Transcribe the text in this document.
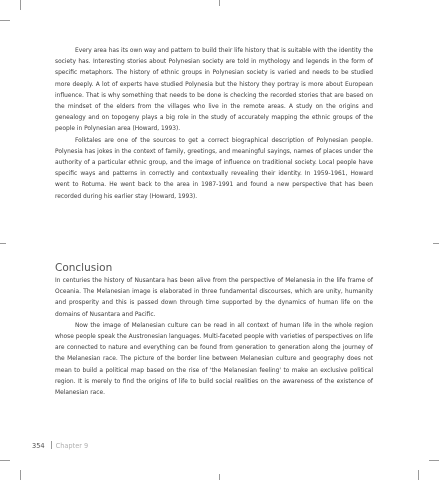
Every area has its own way and pattern to build their life history that is suitable with the identity the society has. Interesting stories about Polynesian society are told in mythology and legends in the form of specific metaphors. The history of ethnic groups in Polynesian society is varied and needs to be studied more deeply. A lot of experts have studied Polynesia but the history they portray is more about European influence. That is why something that needs to be done is checking the recorded stories that are based on the mindset of the elders from the villages who live in the remote areas. A study on the origins and genealogy and on topogeny plays a big role in the study of accurately mapping the ethnic groups of the people in Polynesian area (Howard, 1993).

Folktales are one of the sources to get a correct biographical description of Polynesian people. Polynesia has jokes in the context of family, greetings, and meaningful sayings, names of places under the authority of a particular ethnic group, and the image of influence on traditional society. Local people have specific ways and patterns in correctly and contextually revealing their identity. In 1959-1961, Howard went to Rotuma. He went back to the area in 1987-1991 and found a new perspective that has been recorded during his earlier stay (Howard, 1993).

Conclusion

In centuries the history of Nusantara has been alive from the perspective of Melanesia in the life frame of Oceania. The Melanesian image is elaborated in three fundamental discourses, which are unity, humanity and prosperity and this is passed down through time supported by the dynamics of human life on the domains of Nusantara and Pacific.

Now the image of Melanesian culture can be read in all context of human life in the whole region whose people speak the Austronesian languages. Multi-faceted people with varieties of perspectives on life are connected to nature and everything can be found from generation to generation along the journey of the Melanesian race. The picture of the border line between Melanesian culture and geography does not mean to build a political map based on the rise of 'the Melanesian feeling' to make an exclusive political region. It is merely to find the origins of life to build social realities on the awareness of the existence of Melanesian race.

354 Chapter 9
